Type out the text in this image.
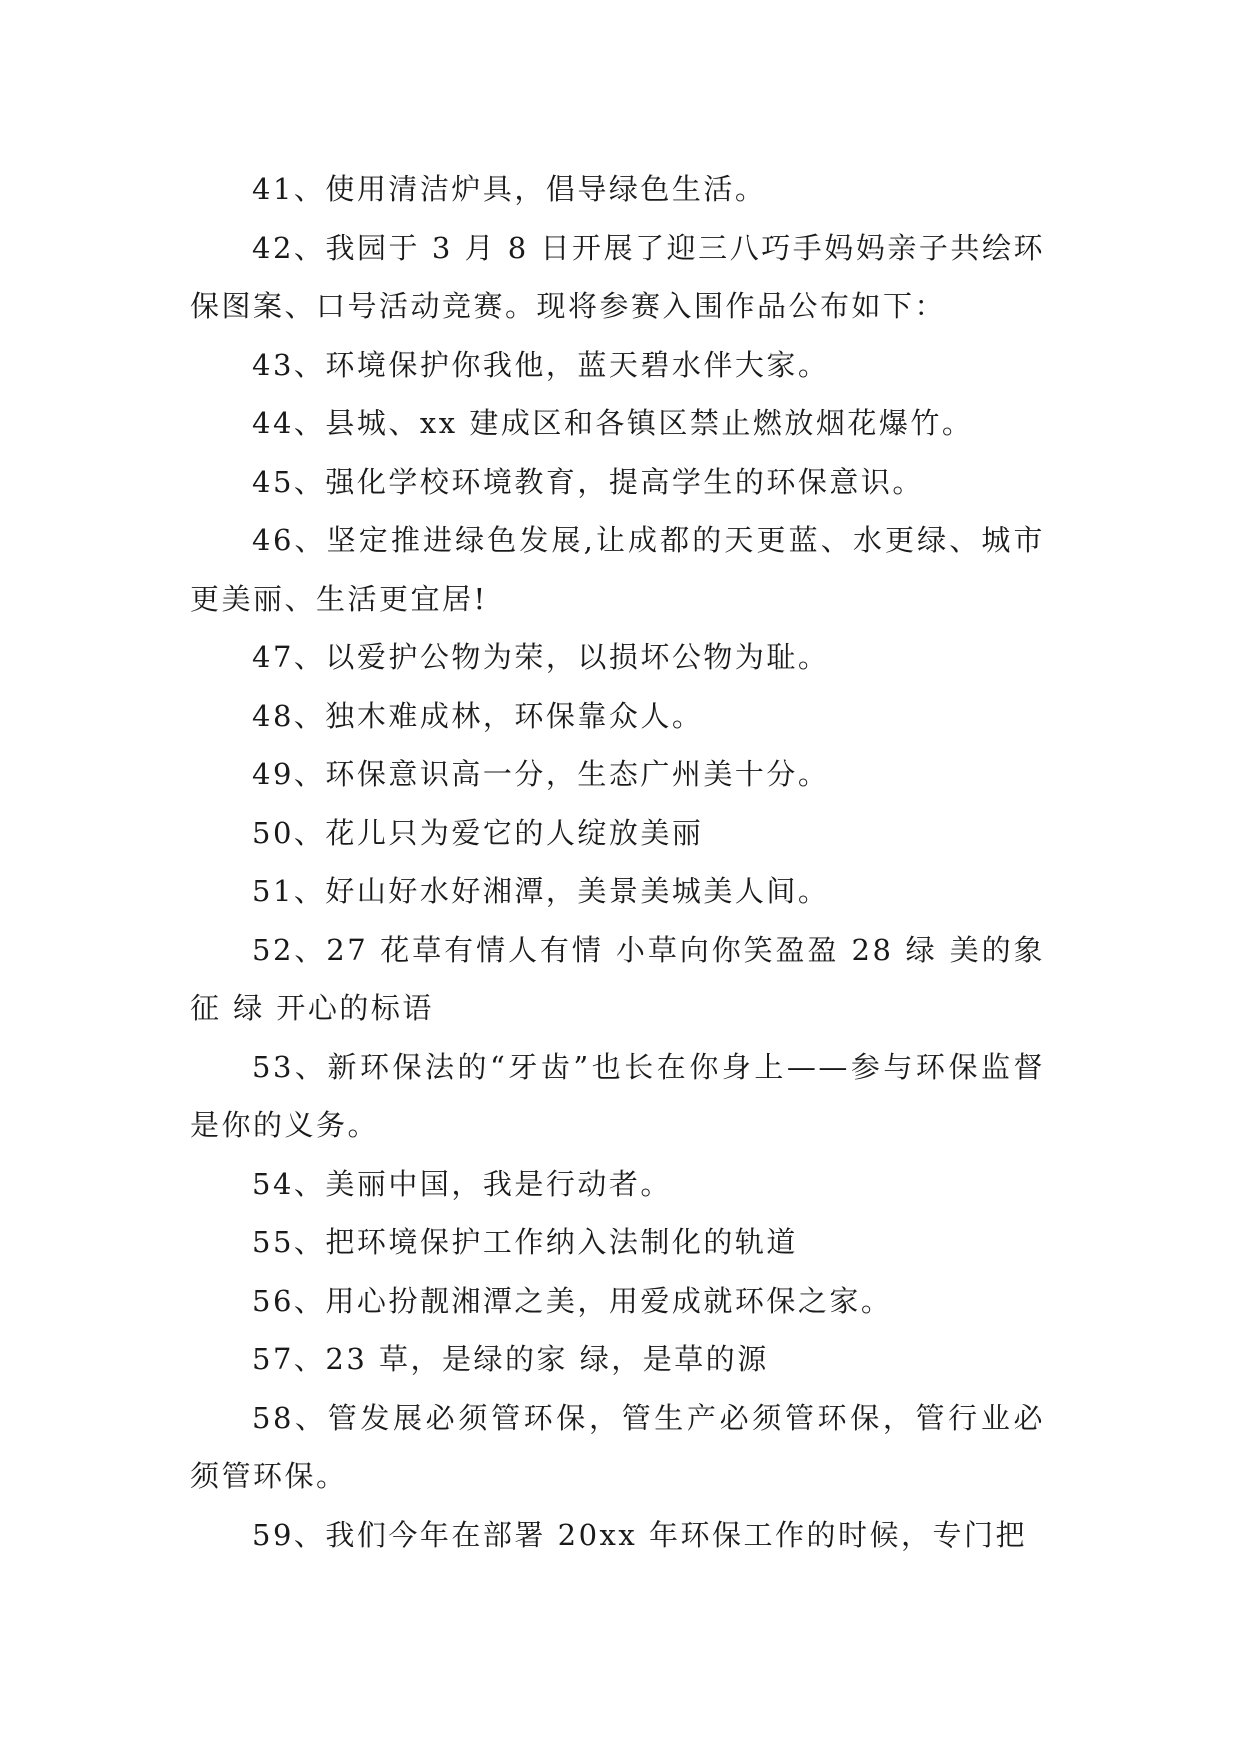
41、使用清洁炉具，倡导绿色生活。

42、我园于 3 月 8 日开展了迎三八巧手妈妈亲子共绘环保图案、口号活动竞赛。现将参赛入围作品公布如下：

43、环境保护你我他，蓝天碧水伴大家。

44、县城、xx 建成区和各镇区禁止燃放烟花爆竹。

45、强化学校环境教育，提高学生的环保意识。

46、坚定推进绿色发展,让成都的天更蓝、水更绿、城市更美丽、生活更宜居!

47、以爱护公物为荣，以损坏公物为耻。

48、独木难成林，环保靠众人。

49、环保意识高一分，生态广州美十分。

50、花儿只为爱它的人绽放美丽

51、好山好水好湘潭，美景美城美人间。

52、27 花草有情人有情 小草向你笑盈盈 28 绿 美的象征 绿 开心的标语

53、新环保法的“牙齿”也长在你身上——参与环保监督是你的义务。

54、美丽中国，我是行动者。

55、把环境保护工作纳入法制化的轨道

56、用心扮靓湘潭之美，用爱成就环保之家。

57、23 草，是绿的家 绿，是草的源

58、管发展必须管环保，管生产必须管环保，管行业必须管环保。

59、我们今年在部署 20xx 年环保工作的时候，专门把
